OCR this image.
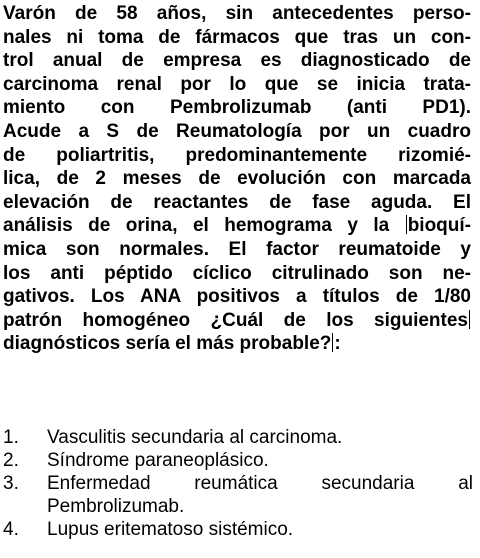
Varón de 58 años, sin antecedentes perso-
nales ni toma de fármacos que tras un con-
trol anual de empresa es diagnosticado de
carcinoma renal por lo que se inicia trata-
miento con Pembrolizumab (anti PD1).
Acude a S de Reumatología por un cuadro
de poliartritis, predominantemente rizomié-
lica, de 2 meses de evolución con marcada
elevación de reactantes de fase aguda. El
análisis de orina, el hemograma y la bioquí-
mica son normales. El factor reumatoide y
los anti péptido cíclico citrulinado son ne-
gativos. Los ANA positivos a títulos de 1/80
patrón homogéneo ¿Cuál de los siguientes
diagnósticos sería el más probable? :
1.	Vasculitis secundaria al carcinoma.
2.	Síndrome paraneoplásico.
3.	Enfermedad reumática secundaria al
Pembrolizumab.
4.	Lupus eritematoso sistémico.
